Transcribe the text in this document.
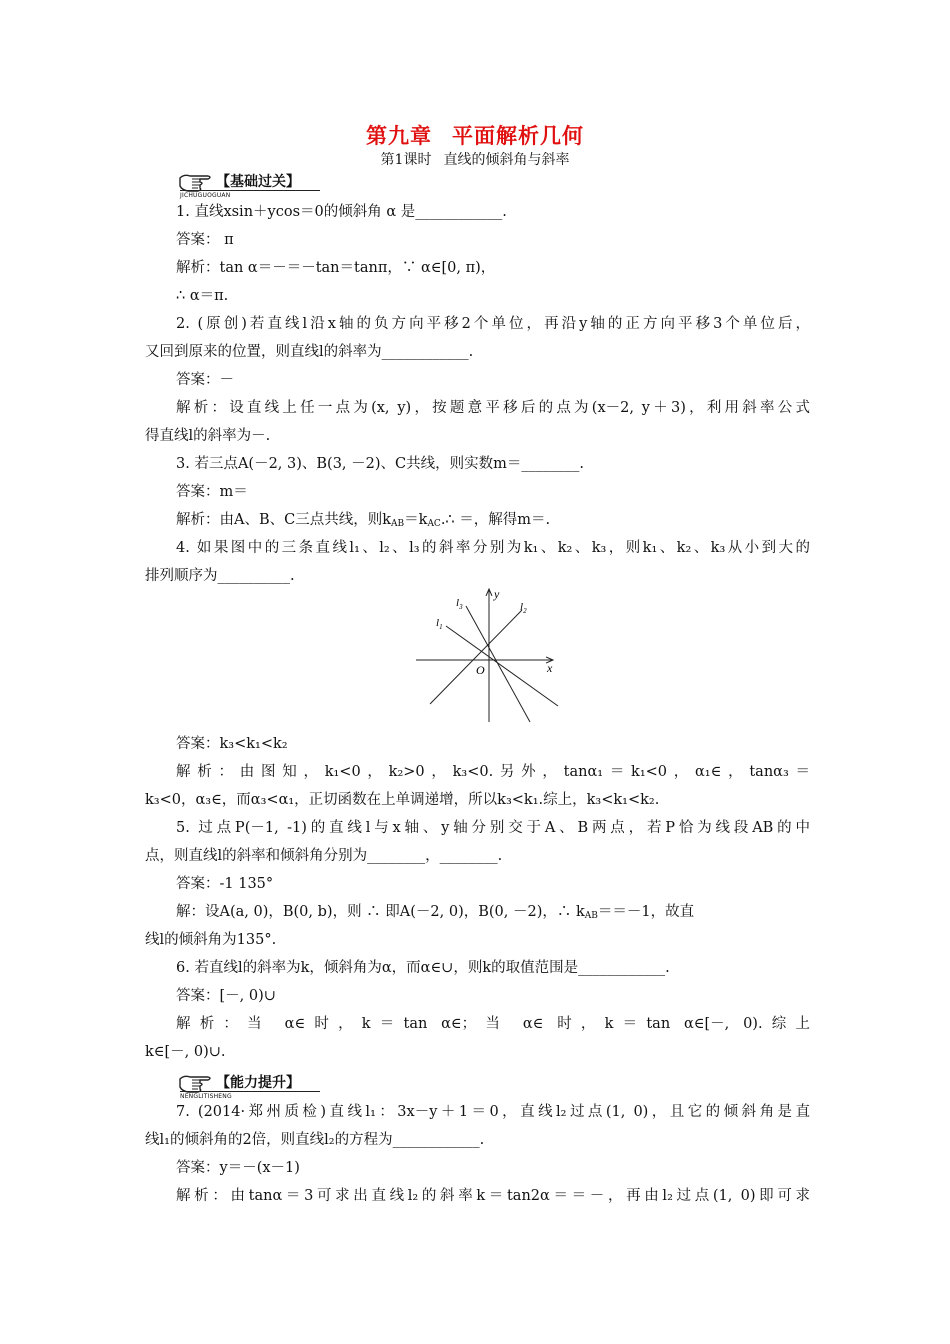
第九章 平面解析几何
第1课时 直线的倾斜角与斜率
【基础过关】
JICHUGUOGUAN
1. 直线xsin＋ycos＝0的倾斜角 α 是____________.
答案： π
解析：tan α＝－＝－tan＝tanπ，∵ α∈[0, π)，
∴ α＝π.
2. (原创)若直线l沿x轴的负方向平移2个单位，再沿y轴的正方向平移3个单位后，
又回到原来的位置，则直线l的斜率为____________.
答案：－
解析：设直线上任一点为(x, y)，按题意平移后的点为(x－2, y＋3)，利用斜率公式
得直线l的斜率为－.
3. 若三点A(－2, 3)、B(3, －2)、C共线，则实数m＝________.
答案：m＝
解析：由A、B、C三点共线，则$k_{AB}=k_{AC}.\therefore$ ＝，解得m＝.
4. 如果图中的三条直线l₁、l₂、l₃的斜率分别为k₁、k₂、k₃，则k₁、k₂、k₃从小到大的
排列顺序为__________.
y
x
O
$l_1$
$l_2$
$l_3$
答案：k₃<k₁<k₂
解析：由图知，k₁<0，k₂>0，k₃<0.另外，tanα₁＝k₁<0，α₁∈，tanα₃＝
k₃<0，α₃∈，而α₃<α₁，正切函数在上单调递增，所以k₃<k₁.综上，k₃<k₁<k₂.
5. 过点P(－1, -1)的直线l与x轴、y轴分别交于A、B两点，若P恰为线段AB的中
点，则直线l的斜率和倾斜角分别为________，________.
答案：-1 135°
解：设A(a, 0)，B(0, b)，则 ∴ 即A(－2, 0)，B(0, －2)，∴ $k_{AB}==-1$，故直
线l的倾斜角为135°.
6. 若直线l的斜率为k，倾斜角为α，而α∈∪，则k的取值范围是____________.
答案：[－, 0)∪
解析：当 α∈时，k＝tan α∈；当 α∈ 时，k＝tan α∈[－, 0).综上
k∈[－, 0)∪.
【能力提升】
NENGLITISHENG
7. (2014·郑州质检)直线l₁：3x－y＋1＝0，直线l₂过点(1, 0)，且它的倾斜角是直
线l₁的倾斜角的2倍，则直线l₂的方程为____________.
答案：y＝－(x－1)
解析：由tanα＝3可求出直线l₂的斜率k＝tan2α＝＝－，再由l₂过点(1, 0)即可求
